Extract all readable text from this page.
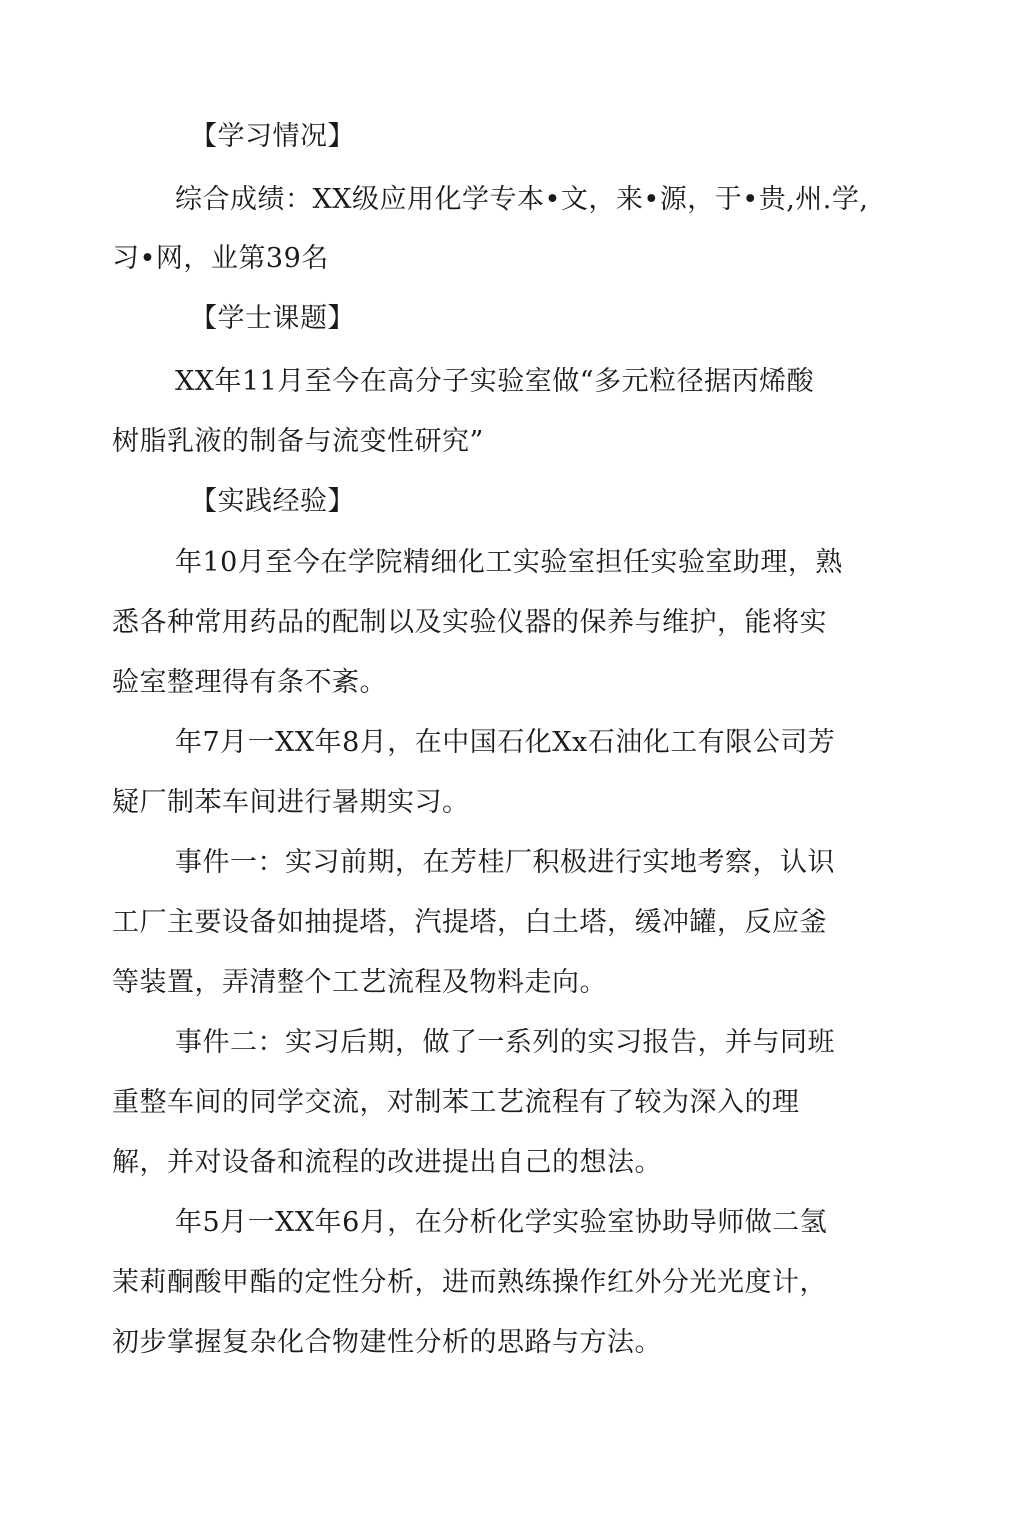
【学习情况】
综合成绩：XX级应用化学专本•文，来•源，于•贵,州.学,
习•网，业第39名
【学士课题】
XX年11月至今在高分子实验室做“多元粒径据丙烯酸
树脂乳液的制备与流变性研究”
【实践经验】
年10月至今在学院精细化工实验室担任实验室助理，熟
悉各种常用药品的配制以及实验仪器的保养与维护，能将实
验室整理得有条不紊。
年7月一XX年8月，在中国石化Xx石油化工有限公司芳
疑厂制苯车间进行暑期实习。
事件一：实习前期，在芳桂厂积极进行实地考察，认识
工厂主要设备如抽提塔，汽提塔，白土塔，缓冲罐，反应釜
等装置，弄清整个工艺流程及物料走向。
事件二：实习后期，做了一系列的实习报告，并与同班
重整车间的同学交流，对制苯工艺流程有了较为深入的理
解，并对设备和流程的改进提出自己的想法。
年5月一XX年6月，在分析化学实验室协助导师做二氢
茉莉酮酸甲酯的定性分析，进而熟练操作红外分光光度计，
初步掌握复杂化合物建性分析的思路与方法。
